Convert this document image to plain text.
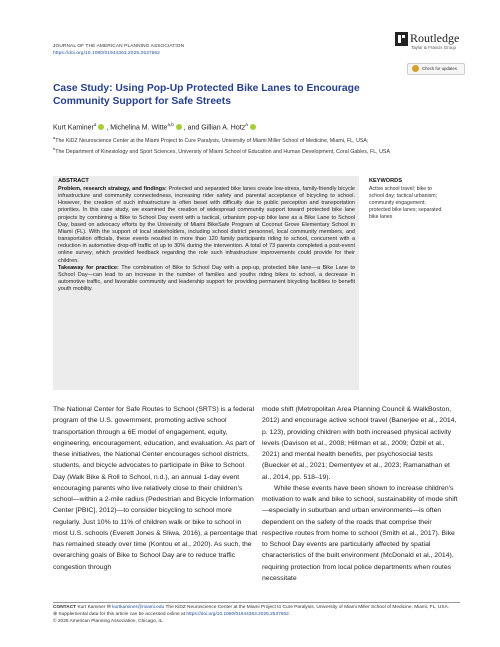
JOURNAL OF THE AMERICAN PLANNING ASSOCIATION
https://doi.org/10.1080/01944363.2025.2537662
Routledge
Taylor & Francis Group
Check for updates
Case Study: Using Pop-Up Protected Bike Lanes to Encourage Community Support for Safe Streets
Kurt Kaminer$^a$ , Michelina M. Witte$^{a,b}$ , and Gillian A. Hotz$^a$
$^a$The KiDZ Neuroscience Center at the Miami Project to Cure Paralysis, University of Miami Miller School of Medicine, Miami, FL, USA;
$^b$The Department of Kinesiology and Sport Sciences, University of Miami School of Education and Human Development, Coral Gables, FL, USA
ABSTRACT
Problem, research strategy, and findings: Protected and separated bike lanes create low-stress, family-friendly bicycle infrastructure and community connectedness, increasing rider safety and parental acceptance of bicycling to school. However, the creation of such infrastructure is often beset with difficulty due to public perception and transportation priorities. In this case study, we examined the creation of widespread community support toward protected bike lane projects by combining a Bike to School Day event with a tactical, urbanism pop-up bike lane as a Bike Lane to School Day, based on advocacy efforts by the University of Miami BikeSafe Program at Coconut Grove Elementary School in Miami (FL). With the support of local stakeholders, including school district personnel, local community members, and transportation officials, these events resulted in more than 120 family participants riding to school, concurrent with a reduction in automotive drop-off traffic of up to 30% during the intervention. A total of 73 parents completed a post-event online survey, which provided feedback regarding the role such infrastructure improvements could provide for their children.
Takeaway for practice: The combination of Bike to School Day with a pop-up, protected bike lane—a Bike Lane to School Day—can lead to an increase in the number of families and youths riding bikes to school, a decrease in automotive traffic, and favorable community and leadership support for providing permanent bicycling facilities to benefit youth mobility.
KEYWORDS
Active school travel; bike to school day; tactical urbanism; community engagement; protected bike lanes; separated bike lanes

The National Center for Safe Routes to School (SRTS) is a federal program of the U.S. government, promoting active school transportation through a 6E model of engagement, equity, engineering, encouragement, education, and evaluation. As part of these initiatives, the National Center encourages school districts, students, and bicycle advocates to participate in Bike to School Day (Walk Bike & Roll to School, n.d.), an annual 1-day event encouraging parents who live relatively close to their children’s school—within a 2-mile radius (Pedestrian and Bicycle Information Center [PBIC], 2012)—to consider bicycling to school more regularly. Just 10% to 11% of children walk or bike to school in most U.S. schools (Everett Jones & Sliwa, 2016), a percentage that has remained steady over time (Kontou et al., 2020). As such, the overarching goals of Bike to School Day are to reduce traffic congestion through

mode shift (Metropolitan Area Planning Council & WalkBoston, 2012) and encourage active school travel (Banerjee et al., 2014, p. 123), providing children with both increased physical activity levels (Davison et al., 2008; Hillman et al., 2009; Özbil et al., 2021) and mental health benefits, per psychosocial tests (Buecker et al., 2021; Dementyev et al., 2023; Ramanathan et al., 2014, pp. 518–19).

While these events have been shown to increase children’s motivation to walk and bike to school, sustainability of mode shift—especially in suburban and urban environments—is often dependent on the safety of the roads that comprise their respective routes from home to school (Smith et al., 2017). Bike to School Day events are particularly affected by spatial characteristics of the built environment (McDonald et al., 2014), requiring protection from local police departments when routes necessitate

CONTACT Kurt Kaminer ✉ kurtkaminer@miami.edu The KiDZ Neuroscience Center at the Miami Project to Cure Paralysis, University of Miami Miller School of Medicine, Miami, FL, USA.
⊕ Supplemental data for this article can be accessed online at https://doi.org/10.1080/01944363.2025.2537662.
© 2025 American Planning Association, Chicago, IL.
